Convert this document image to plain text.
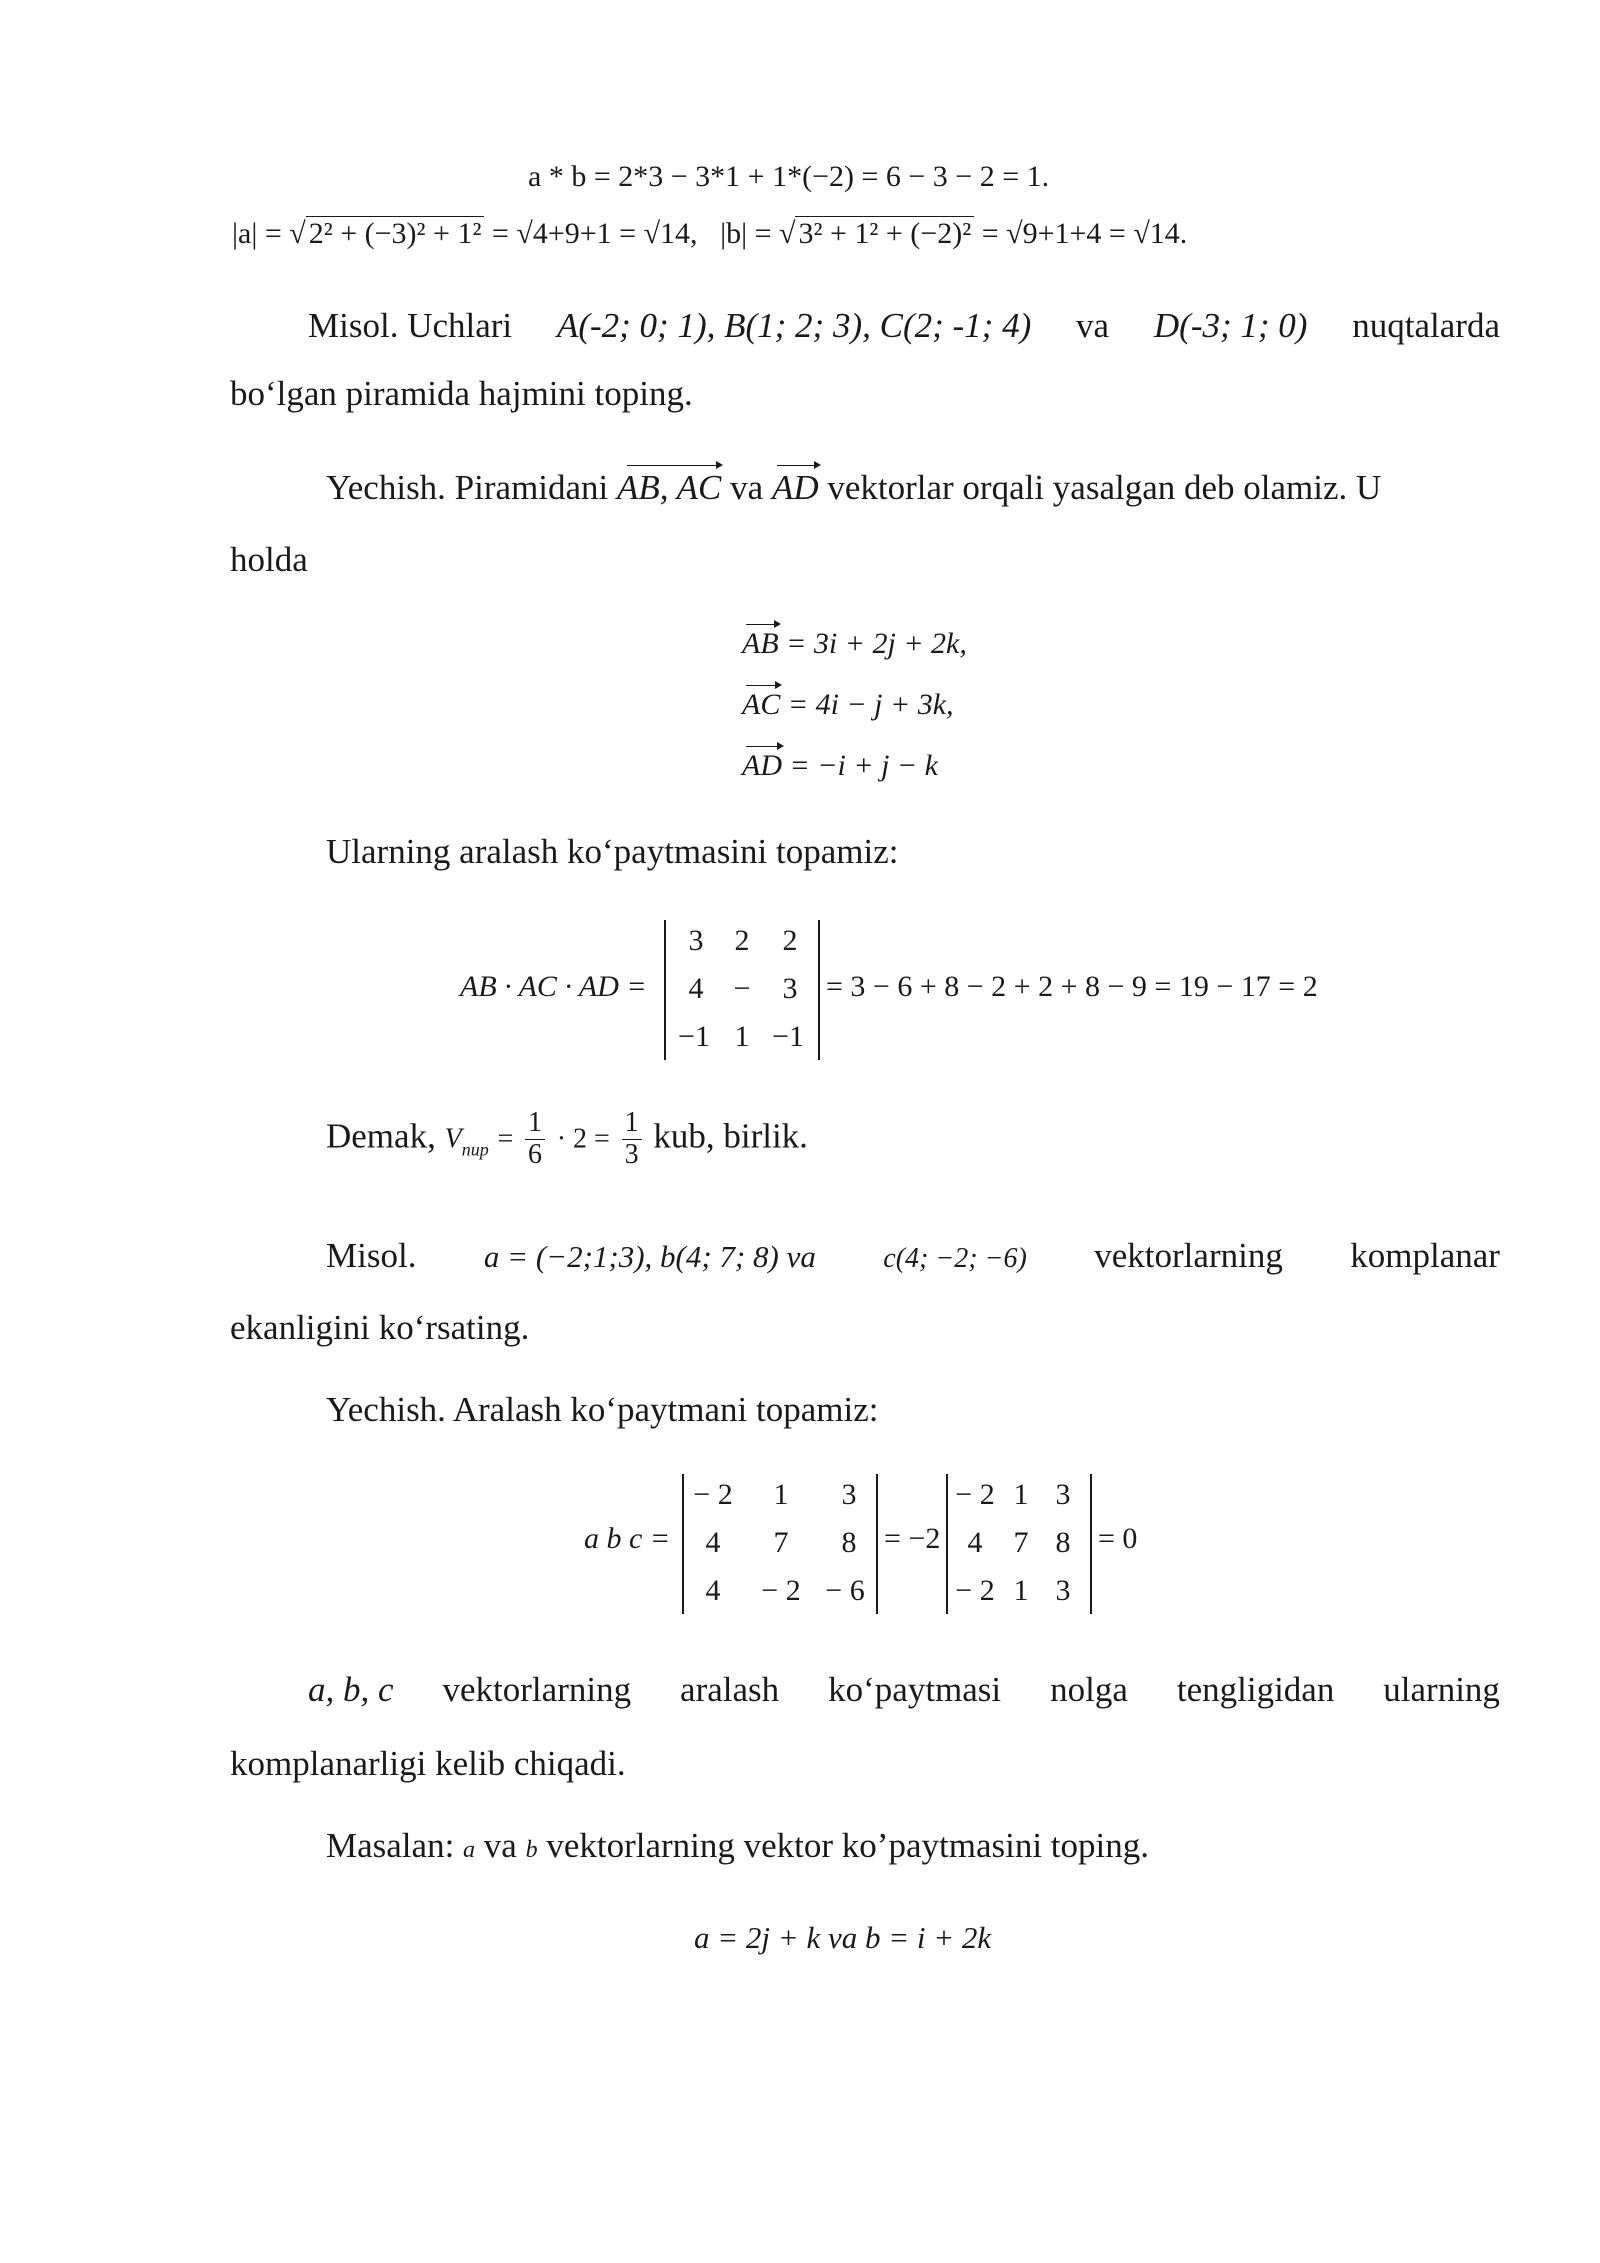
a * b = 2*3 − 3*1 + 1*(−2) = 6 − 3 − 2 = 1.
|a| = √ 2² + (−3)² + 1² = √4+9+1 = √14, |b| = √ 3² + 1² + (−2)² = √9+1+4 = √14.
Misol. Uchlari A(-2; 0; 1), B(1; 2; 3), C(2; -1; 4) va D(-3; 1; 0) nuqtalarda
bo‘lgan piramida hajmini toping.
Yechish. Piramidani AB, AC va AD vektorlar orqali yasalgan deb olamiz. U
holda
AB = 3i + 2j + 2k,
AC = 4i − j + 3k,
AD = −i + j − k
Ularning aralash ko‘paytmasini topamiz:
AB · AC · AD =
3	2	2
4	−	3
−1 1 −1
= 3 − 6 + 8 − 2 + 2 + 8 − 9 = 19 − 17 = 2
Demak, $V_{пир} = \frac{1}{6} \cdot 2 = \frac{1}{3}$ kub, birlik.
Misol. a = (−2;1;3), b(4; 7; 8) va c(4; −2; −6) vektorlarning komplanar
ekanligini ko‘rsating.
Yechish. Aralash ko‘paytmani topamiz:
a b c =
− 2	1	3
4	7	8
4	− 2 − 6
= −2
− 2 1 3
4	7 8
− 2 1 3
= 0
a, b, c vektorlarning aralash ko‘paytmasi nolga tengligidan ularning
komplanarligi kelib chiqadi.
Masalan: a va b vektorlarning vektor ko’paytmasini toping.
a = 2j + k va b = i + 2k
